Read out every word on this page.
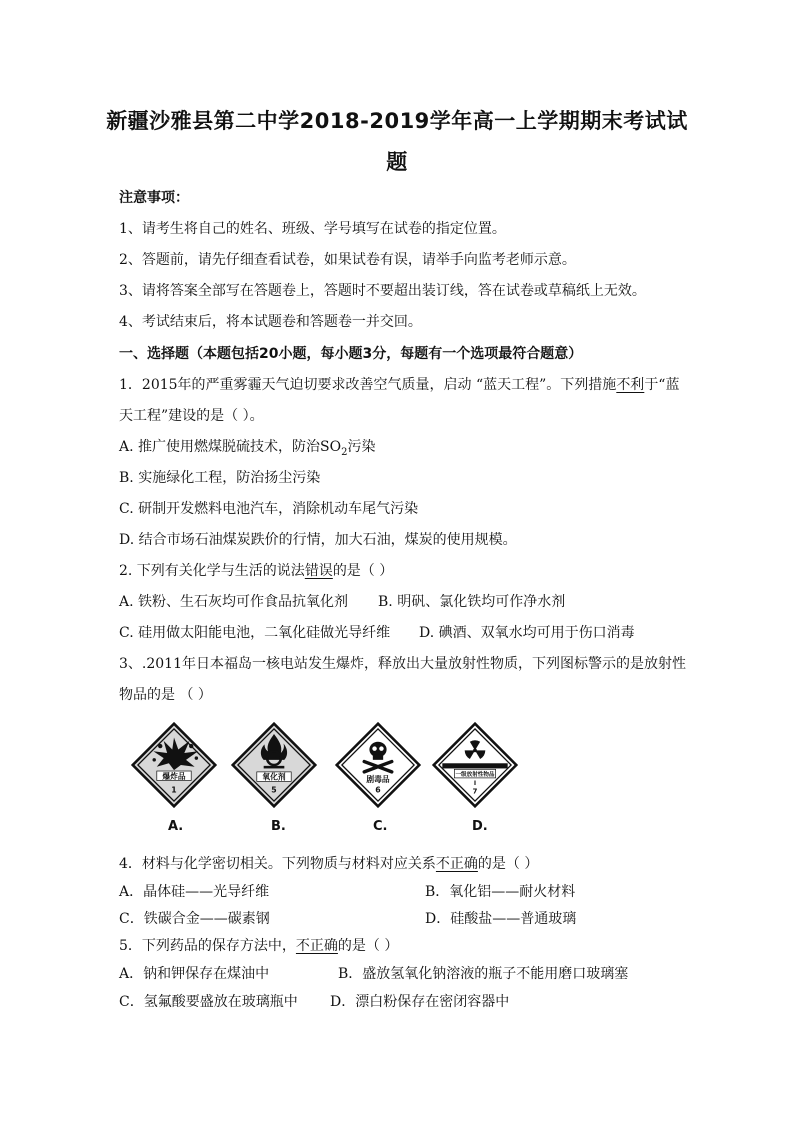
新疆沙雅县第二中学2018-2019学年高一上学期期末考试试
题
注意事项：
1、请考生将自己的姓名、班级、学号填写在试卷的指定位置。
2、答题前，请先仔细查看试卷，如果试卷有误，请举手向监考老师示意。
3、请将答案全部写在答题卷上，答题时不要超出装订线，答在试卷或草稿纸上无效。
4、考试结束后，将本试题卷和答题卷一并交回。
一、选择题（本题包括20小题，每小题3分，每题有一个选项最符合题意）
1．2015年的严重雾霾天气迫切要求改善空气质量，启动 “蓝天工程”。下列措施不利于“蓝
天工程”建设的是（ ）。
A. 推广使用燃煤脱硫技术，防治$SO_2$污染
B. 实施绿化工程，防治扬尘污染
C. 研制开发燃料电池汽车，消除机动车尾气污染
D. 结合市场石油煤炭跌价的行情，加大石油，煤炭的使用规模。
2. 下列有关化学与生活的说法错误的是（ ）
A. 铁粉、生石灰均可作食品抗氧化剂 B. 明矾、氯化铁均可作净水剂
C. 硅用做太阳能电池，二氧化硅做光导纤维 D. 碘酒、双氧水均可用于伤口消毒
3、.2011年日本福岛一核电站发生爆炸，释放出大量放射性物质，下列图标警示的是放射性
物品的是 （ ）
爆炸品
1
氧化剂
5
剧毒品
6
一级放射性物品
I
7
A.	B.	C.	D.
4．材料与化学密切相关。下列物质与材料对应关系不正确的是（ ）
A．晶体硅——光导纤维	B．氧化铝——耐火材料
C．铁碳合金——碳素钢	D．硅酸盐——普通玻璃
5．下列药品的保存方法中，不正确的是（ ）
A．钠和钾保存在煤油中	B．盛放氢氧化钠溶液的瓶子不能用磨口玻璃塞
C．氢氟酸要盛放在玻璃瓶中 D．漂白粉保存在密闭容器中
